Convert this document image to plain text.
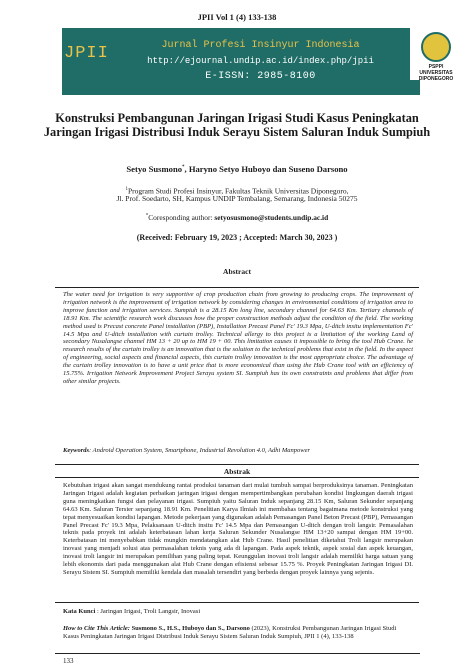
JPII Vol 1 (4) 133-138
JPII	Jurnal Profesi Insinyur Indonesia
http://ejournal.undip.ac.id/index.php/jpii
E-ISSN: 2985-8100
PSPPI
UNIVERSITAS DIPONEGORO
Konstruksi Pembangunan Jaringan Irigasi Studi Kasus Peningkatan Jaringan Irigasi Distribusi Induk Serayu Sistem Saluran Induk Sumpiuh
Setyo Susmono*, Haryno Setyo Huboyo dan Suseno Darsono
$^1$Program Studi Profesi Insinyur, Fakultas Teknik Universitas Diponegoro,
Jl. Prof. Soedarto, SH, Kampus UNDIP Tembalang, Semarang, Indonesia 50275
*Coresponding author: setyosusmono@students.undip.ac.id
(Received: February 19, 2023 ; Accepted: March 30, 2023 )
Abstract
The water need for irrigation is very supportive of crop production chain from growing to producing crops. The improvement of irrigation network is the improvement of irrigation network by considering changes in environmental conditions of irrigation area to improve function and irrigation services. Sumpiuh is a 28.15 Km long line, secondary channel for 64.63 Km. Tertiary channels of 18.91 Km. The scientific research work discusses how the proper construction methods adjust the condition of the field. The working method used is Precast concrete Panel installation (PBP), Installation Precast Panel Fc' 19.3 Mpa, U-ditch insitu implementation Fc' 14.5 Mpa and U-ditch installation with curtain trolley. Technical allergy to this project is a limitation of the working Land of secondary Nusalangse channel HM 13 + 20 up to HM 19 + 00. This limitation causes it impossible to bring the tool Hub Crane. he research results of the curtain trolley is an innovation that is the solution to the technical problems that exist in the field. In the aspect of engineering, social aspects and financial aspects, this curtain trolley innovation is the most appropriate choice. The advantage of the curtain trolley innovation is to have a unit price that is more economical than using the Hub Crane tool with an efficiency of 15.75%. Irrigation Network Improvement Project Serayu system SI. Sumpiuh has its own constraints and problems that differ from other similar projects.
Keywords: Android Operation System, Smartphone, Industrial Revolution 4.0, Adhi Manpower
Abstrak
Kebutuhan irigasi akan sangat mendukung rantai produksi tanaman dari mulai tumbuh sampai berproduksinya tanaman. Peningkatan Jaringan Irigasi adalah kegiatan perbaikan jaringan irigasi dengan mempertimbangkan perubahan kondisi lingkungan daerah irigasi guna meningkatkan fungsi dan pelayanan irigasi. Sumpiuh yaitu Saluran Induk sepanjang 28.15 Km, Saluran Sekunder sepanjang 64.63 Km. Saluran Tersier sepanjang 18.91 Km. Penelitian Karya Ilmiah ini membahas tentang bagaimana metode konstruksi yang tepat menyesuaikan kondisi lapangan. Metode pekerjaan yang digunakan adalah Pemasangan Panel Beton Precast (PBP), Pemasangan Panel Precast Fc' 19.3 Mpa, Pelaksanaan U-ditch insitu Fc' 14.5 Mpa dan Pemasangan U-ditch dengan troli langsir. Pemasalahan teknis pada proyek ini adalah keterbatasan lahan kerja Saluran Sekunder Nusalangse HM 13+20 sampai dengan HM 19+00. Keterbatasan ini menyebabkan tidak mungkin mendatangkan alat Hub Crane. Hasil penelitian diketahui Troli langsir merupakan inovasi yang menjadi solusi atas permasalahan teknis yang ada di lapangan. Pada aspek teknik, aspek sosial dan aspek keuangan, inovasi troli langsir ini merupakan pemilihan yang paling tepat. Keunggulan inovasi troli langsir adalah memiliki harga satuan yang lebih ekonomis dari pada menggunakan alat Hub Crane dengan efisiensi sebesar 15.75 %. Proyek Peningkatan Jaringan Irigasi DI. Serayu Sistem SI. Sumpiuh memiliki kendala dan masalah tersendiri yang berbeda dengan proyek lainnya yang sejenis.
Kata Kunci : Jaringan Irigasi, Troli Langsir, Inovasi
How to Cite This Article: Susmono S., H.S., Huboyo dan S., Darsono (2023), Konstruksi Pembangunan Jaringan Irigasi Studi Kasus Peningkatan Jaringan Irigasi Distribusi Induk Serayu Sistem Saluran Induk Sumpiuh, JPII 1 (4), 133-138
133
